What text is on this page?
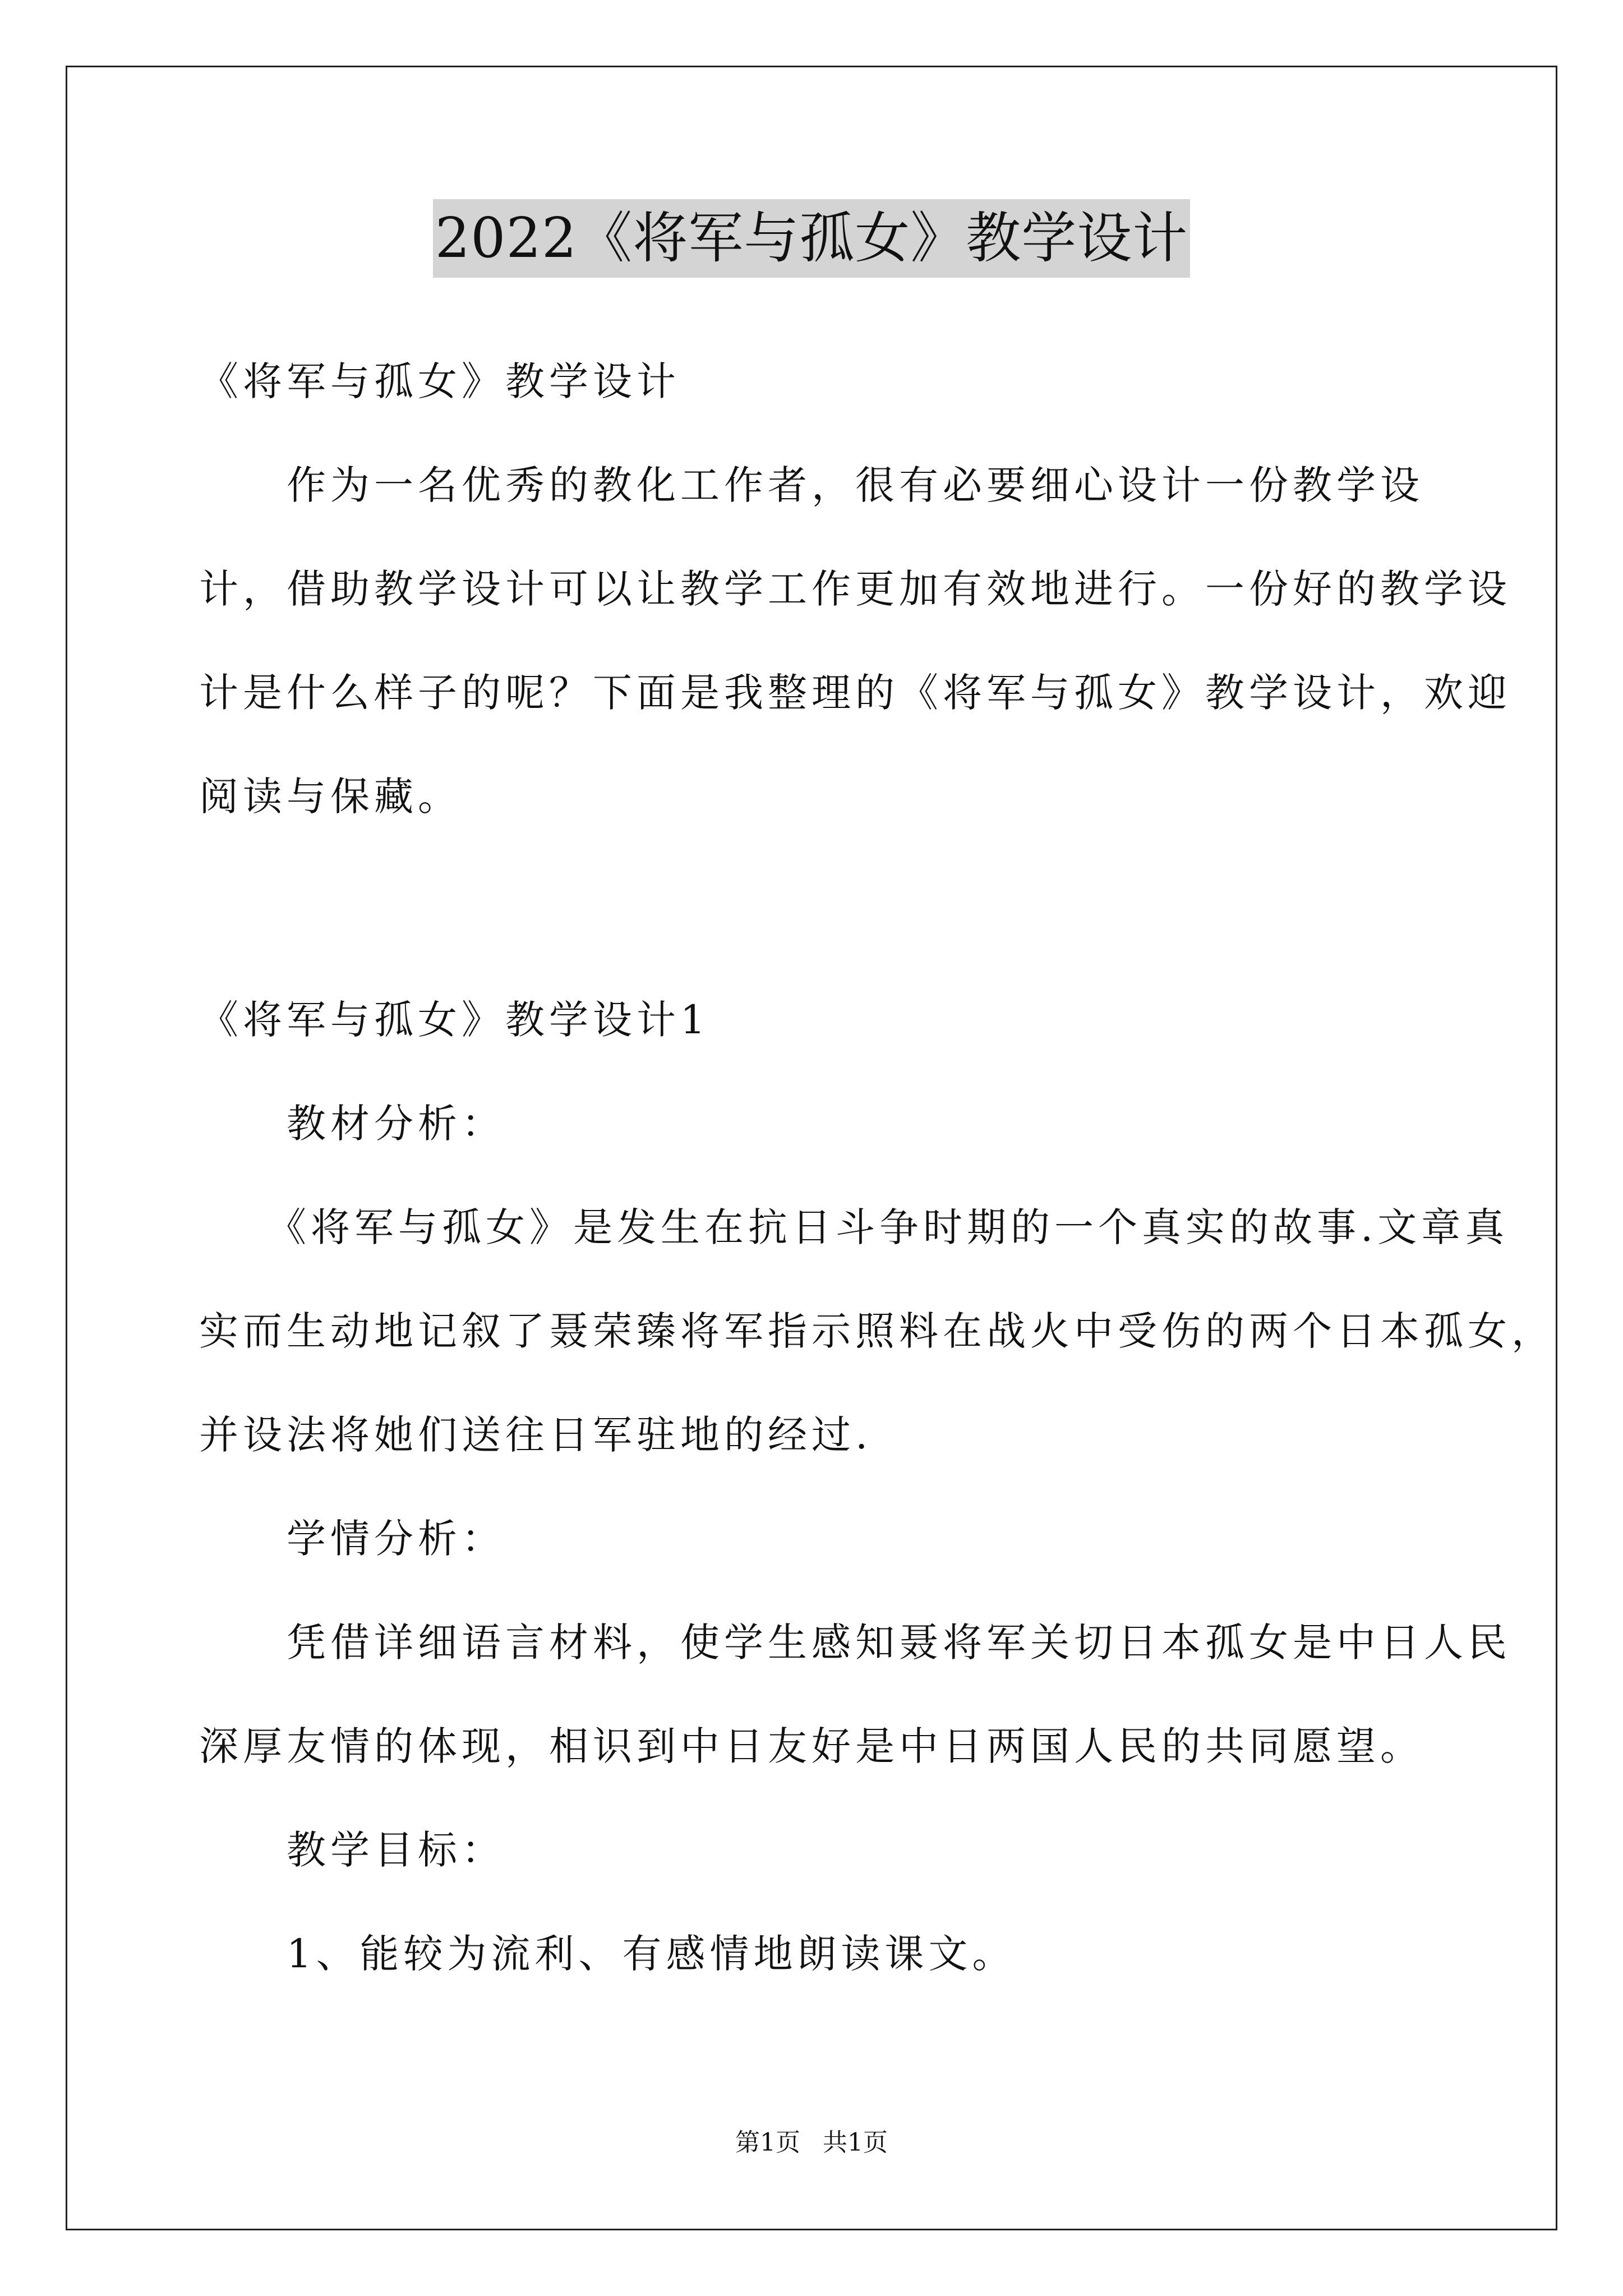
2022《将军与孤女》教学设计
《将军与孤女》教学设计
　　作为一名优秀的教化工作者，很有必要细心设计一份教学设
计，借助教学设计可以让教学工作更加有效地进行。一份好的教学设
计是什么样子的呢？下面是我整理的《将军与孤女》教学设计，欢迎
阅读与保藏。
《将军与孤女》教学设计1
　　教材分析：
　　《将军与孤女》是发生在抗日斗争时期的一个真实的故事.文章真
实而生动地记叙了聂荣臻将军指示照料在战火中受伤的两个日本孤女，
并设法将她们送往日军驻地的经过.
　　学情分析：
　　凭借详细语言材料，使学生感知聂将军关切日本孤女是中日人民
深厚友情的体现，相识到中日友好是中日两国人民的共同愿望。
　　教学目标：
　　1、能较为流利、有感情地朗读课文。
第1页 共1页
